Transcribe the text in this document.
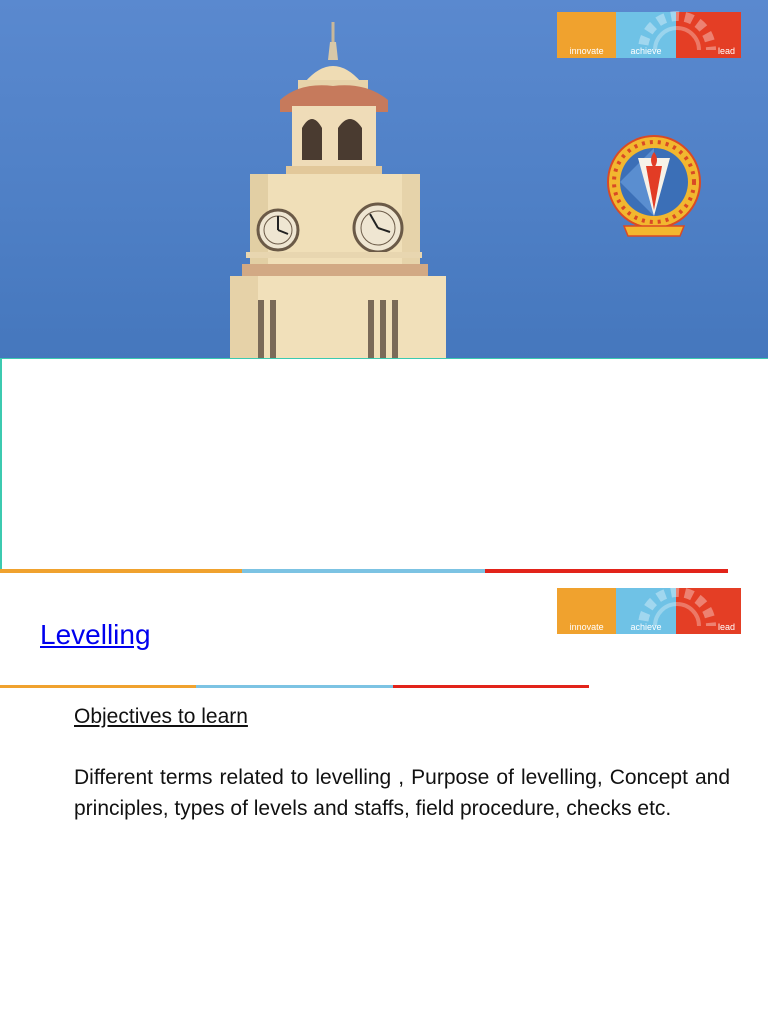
innovate	achieve	lead
innovate	achieve	lead
Levelling
Objectives to learn

Different terms related to levelling , Purpose of levelling, Concept and principles, types of levels and staffs, field procedure, checks etc.
